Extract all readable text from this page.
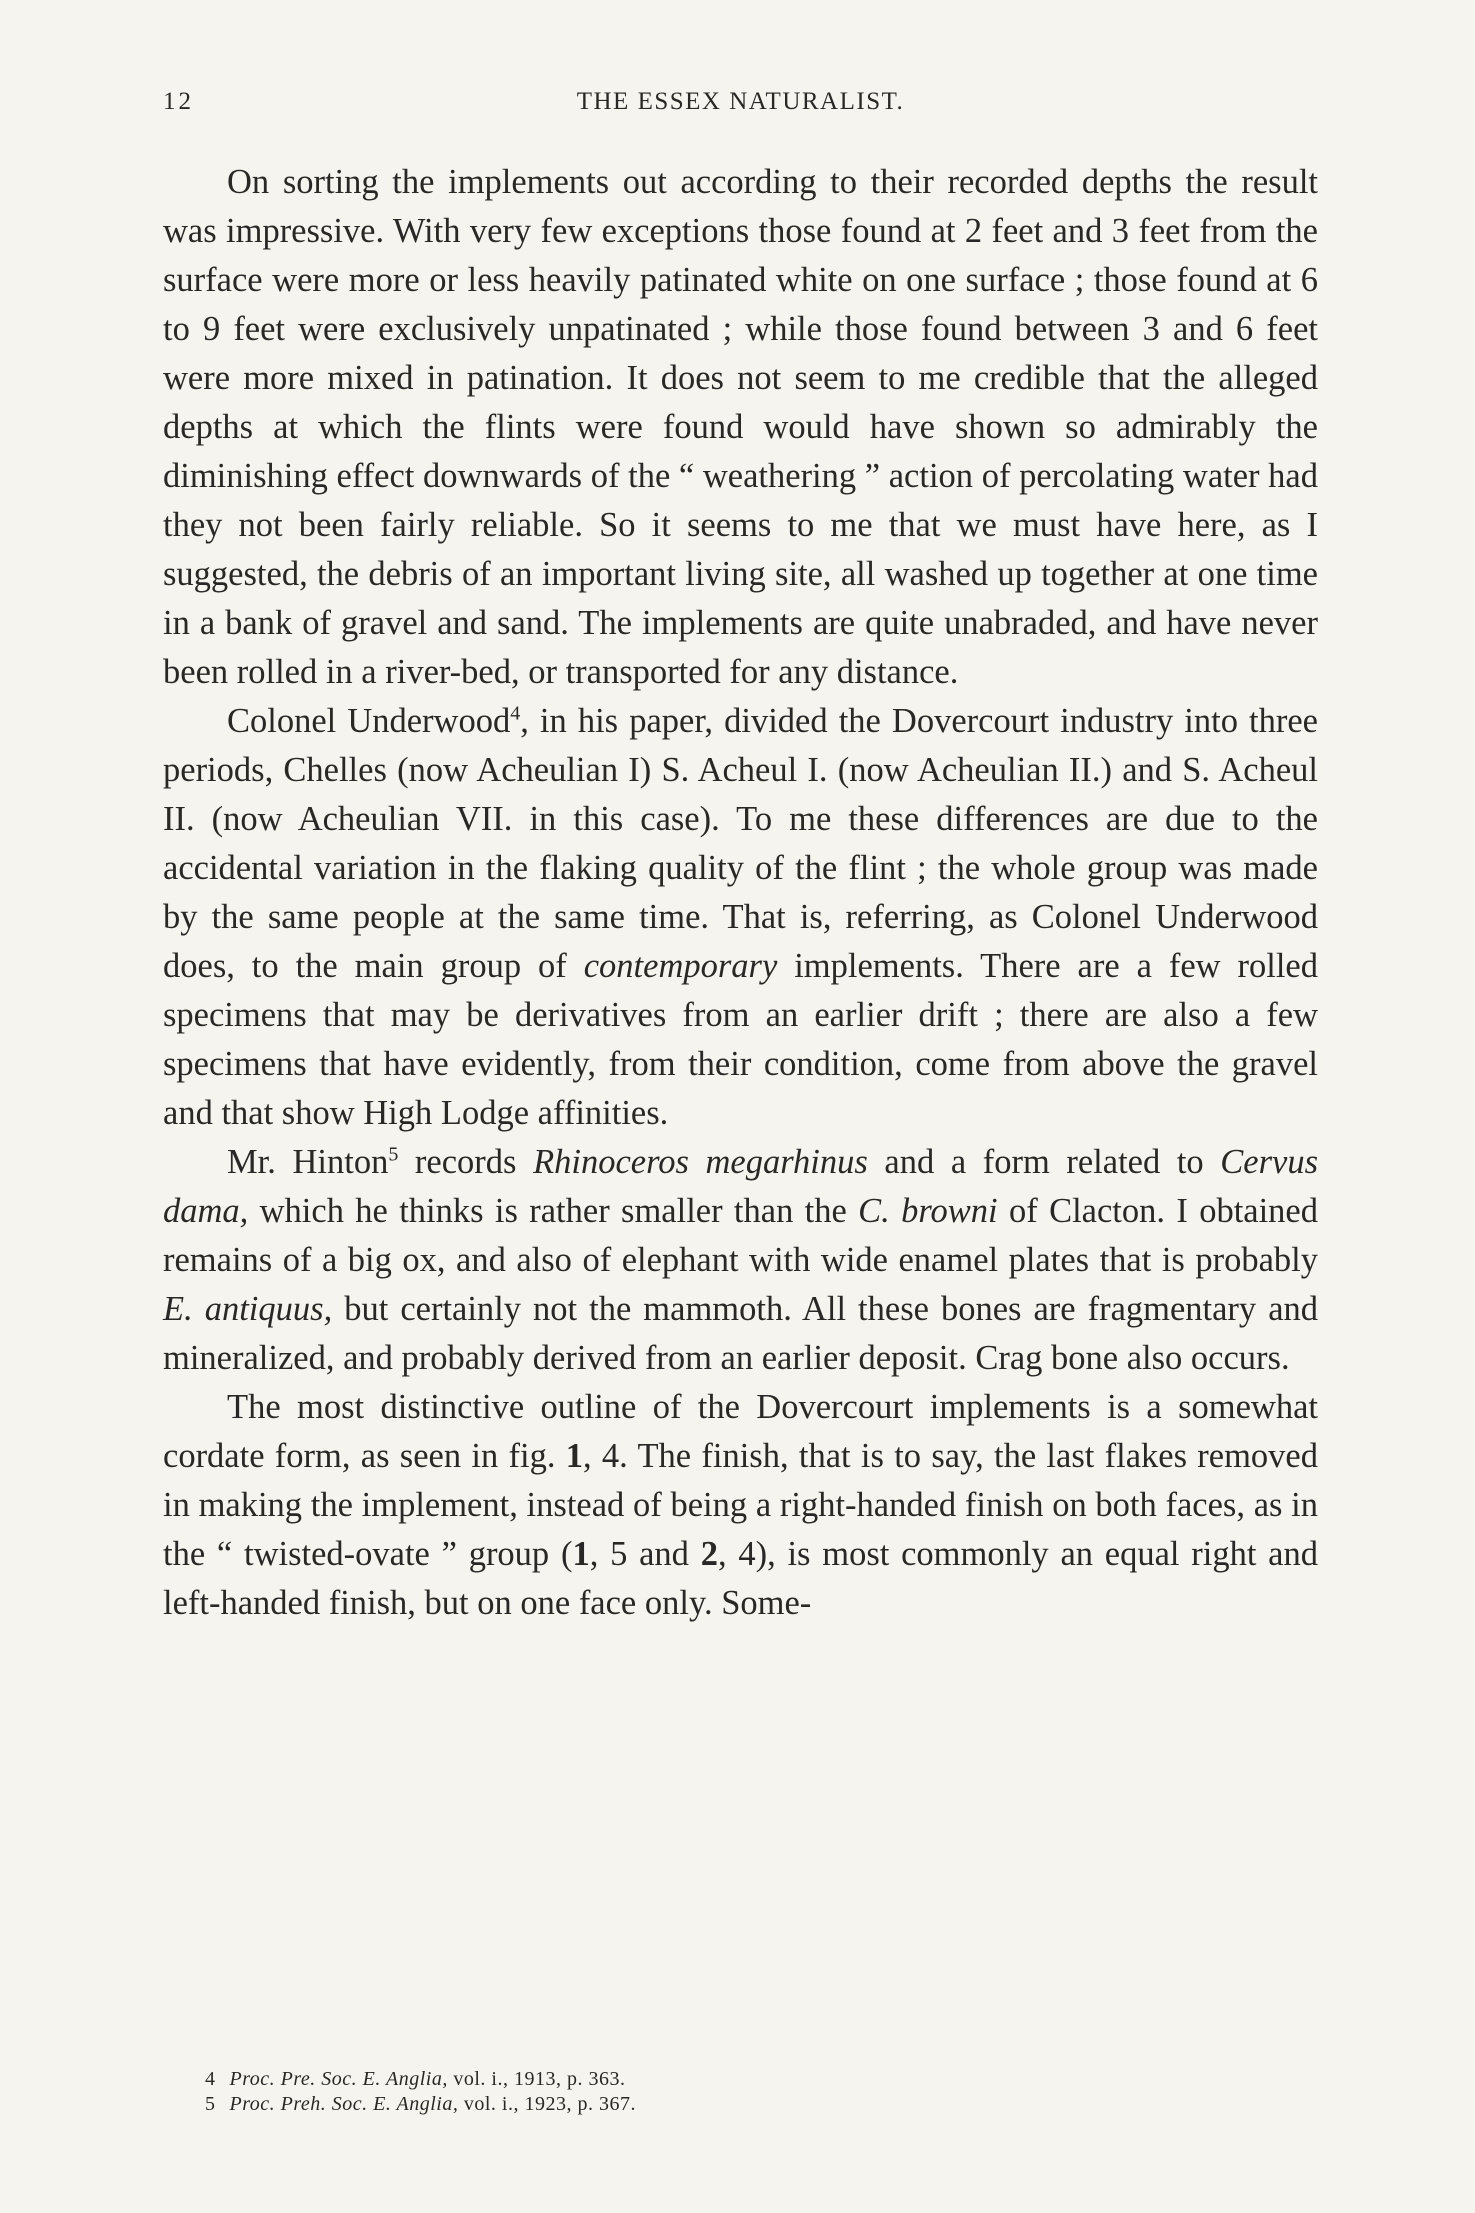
12	THE ESSEX NATURALIST.

On sorting the implements out according to their recorded depths the result was impressive. With very few exceptions those found at 2 feet and 3 feet from the surface were more or less heavily patinated white on one surface ; those found at 6 to 9 feet were exclusively unpatinated ; while those found between 3 and 6 feet were more mixed in patination. It does not seem to me credible that the alleged depths at which the flints were found would have shown so admirably the diminishing effect downwards of the “ weathering ” action of percolating water had they not been fairly reliable. So it seems to me that we must have here, as I suggested, the debris of an important living site, all washed up together at one time in a bank of gravel and sand. The implements are quite unabraded, and have never been rolled in a river-bed, or transported for any distance.

Colonel Underwood$^4$, in his paper, divided the Dovercourt industry into three periods, Chelles (now Acheulian I) S. Acheul I. (now Acheulian II.) and S. Acheul II. (now Acheulian VII. in this case). To me these differences are due to the accidental variation in the flaking quality of the flint ; the whole group was made by the same people at the same time. That is, referring, as Colonel Underwood does, to the main group of contemporary implements. There are a few rolled specimens that may be derivatives from an earlier drift ; there are also a few specimens that have evidently, from their condition, come from above the gravel and that show High Lodge affinities.

Mr. Hinton$^5$ records Rhinoceros megarhinus and a form related to Cervus dama, which he thinks is rather smaller than the C. browni of Clacton. I obtained remains of a big ox, and also of elephant with wide enamel plates that is probably E. antiquus, but certainly not the mammoth. All these bones are fragmentary and mineralized, and probably derived from an earlier deposit. Crag bone also occurs.

The most distinctive outline of the Dovercourt implements is a somewhat cordate form, as seen in fig. 1, 4. The finish, that is to say, the last flakes removed in making the implement, instead of being a right-handed finish on both faces, as in the “ twisted-ovate ” group (1, 5 and 2, 4), is most commonly an equal right and left-handed finish, but on one face only. Some-

4 Proc. Pre. Soc. E. Anglia, vol. i., 1913, p. 363.
5 Proc. Preh. Soc. E. Anglia, vol. i., 1923, p. 367.
